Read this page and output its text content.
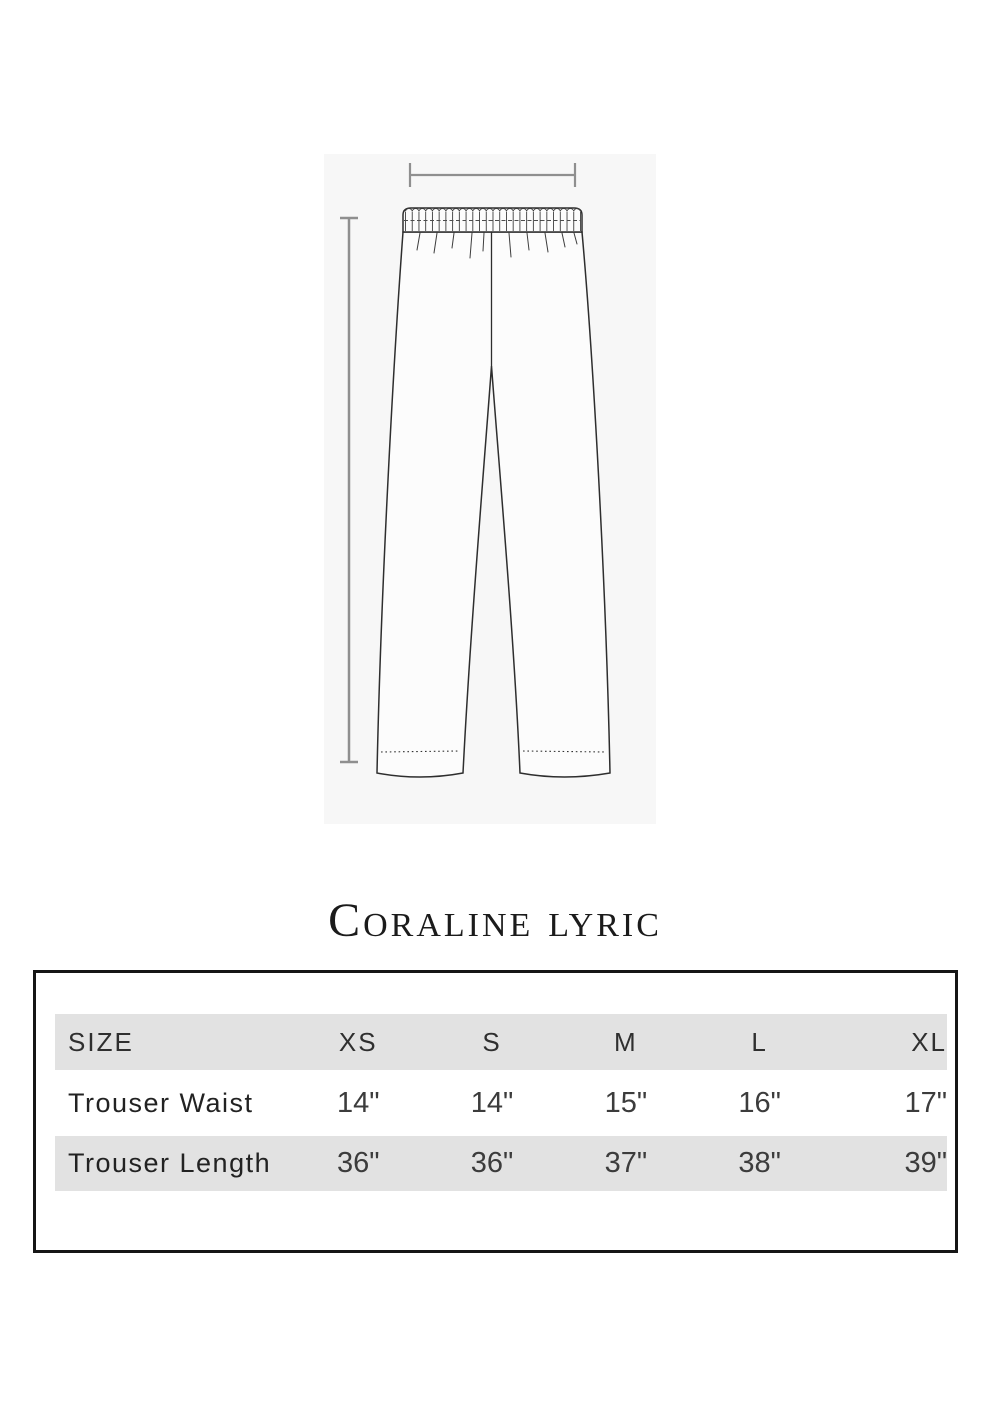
Coraline lyric
SIZE	XS	S	M	L	XL
Trouser Waist	14"	14"	15"	16"	17"
Trouser Length	36"	36"	37"	38"	39"
